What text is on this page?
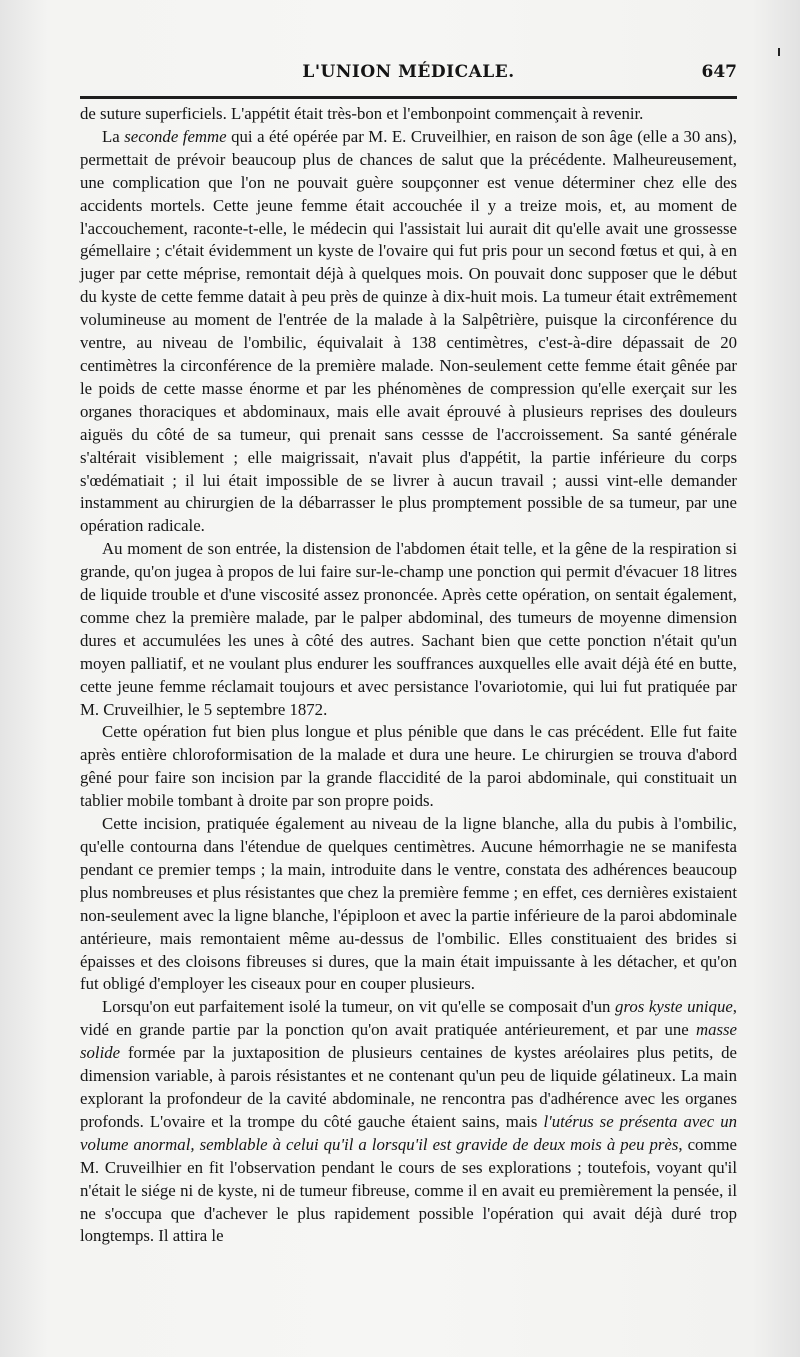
L'UNION MÉDICALE.	647

de suture superficiels. L'appétit était très-bon et l'embonpoint commençait à revenir.

La seconde femme qui a été opérée par M. E. Cruveilhier, en raison de son âge (elle a 30 ans), permettait de prévoir beaucoup plus de chances de salut que la précédente. Malheureusement, une complication que l'on ne pouvait guère soupçonner est venue déterminer chez elle des accidents mortels. Cette jeune femme était accouchée il y a treize mois, et, au moment de l'accouchement, raconte-t-elle, le médecin qui l'assistait lui aurait dit qu'elle avait une grossesse gémellaire ; c'était évidemment un kyste de l'ovaire qui fut pris pour un second fœtus et qui, à en juger par cette méprise, remontait déjà à quelques mois. On pouvait donc supposer que le début du kyste de cette femme datait à peu près de quinze à dix-huit mois. La tumeur était extrêmement volumineuse au moment de l'entrée de la malade à la Salpêtrière, puisque la circonférence du ventre, au niveau de l'ombilic, équivalait à 138 centimètres, c'est-à-dire dépassait de 20 centimètres la circonférence de la première malade. Non-seulement cette femme était gênée par le poids de cette masse énorme et par les phénomènes de compression qu'elle exerçait sur les organes thoraciques et abdominaux, mais elle avait éprouvé à plusieurs reprises des douleurs aiguës du côté de sa tumeur, qui prenait sans cessse de l'accroissement. Sa santé générale s'altérait visiblement ; elle maigrissait, n'avait plus d'appétit, la partie inférieure du corps s'œdématiait ; il lui était impossible de se livrer à aucun travail ; aussi vint-elle demander instamment au chirurgien de la débarrasser le plus promptement possible de sa tumeur, par une opération radicale.

Au moment de son entrée, la distension de l'abdomen était telle, et la gêne de la respiration si grande, qu'on jugea à propos de lui faire sur-le-champ une ponction qui permit d'évacuer 18 litres de liquide trouble et d'une viscosité assez prononcée. Après cette opération, on sentait également, comme chez la première malade, par le palper abdominal, des tumeurs de moyenne dimension dures et accumulées les unes à côté des autres. Sachant bien que cette ponction n'était qu'un moyen palliatif, et ne voulant plus endurer les souffrances auxquelles elle avait déjà été en butte, cette jeune femme réclamait toujours et avec persistance l'ovariotomie, qui lui fut pratiquée par M. Cruveilhier, le 5 septembre 1872.

Cette opération fut bien plus longue et plus pénible que dans le cas précédent. Elle fut faite après entière chloroformisation de la malade et dura une heure. Le chirurgien se trouva d'abord gêné pour faire son incision par la grande flaccidité de la paroi abdominale, qui constituait un tablier mobile tombant à droite par son propre poids.

Cette incision, pratiquée également au niveau de la ligne blanche, alla du pubis à l'ombilic, qu'elle contourna dans l'étendue de quelques centimètres. Aucune hémorrhagie ne se manifesta pendant ce premier temps ; la main, introduite dans le ventre, constata des adhérences beaucoup plus nombreuses et plus résistantes que chez la première femme ; en effet, ces dernières existaient non-seulement avec la ligne blanche, l'épiploon et avec la partie inférieure de la paroi abdominale antérieure, mais remontaient même au-dessus de l'ombilic. Elles constituaient des brides si épaisses et des cloisons fibreuses si dures, que la main était impuissante à les détacher, et qu'on fut obligé d'employer les ciseaux pour en couper plusieurs.

Lorsqu'on eut parfaitement isolé la tumeur, on vit qu'elle se composait d'un gros kyste unique, vidé en grande partie par la ponction qu'on avait pratiquée antérieurement, et par une masse solide formée par la juxtaposition de plusieurs centaines de kystes aréolaires plus petits, de dimension variable, à parois résistantes et ne contenant qu'un peu de liquide gélatineux. La main explorant la profondeur de la cavité abdominale, ne rencontra pas d'adhérence avec les organes profonds. L'ovaire et la trompe du côté gauche étaient sains, mais l'utérus se présenta avec un volume anormal, semblable à celui qu'il a lorsqu'il est gravide de deux mois à peu près, comme M. Cruveilhier en fit l'observation pendant le cours de ses explorations ; toutefois, voyant qu'il n'était le siége ni de kyste, ni de tumeur fibreuse, comme il en avait eu premièrement la pensée, il ne s'occupa que d'achever le plus rapidement possible l'opération qui avait déjà duré trop longtemps. Il attira le
